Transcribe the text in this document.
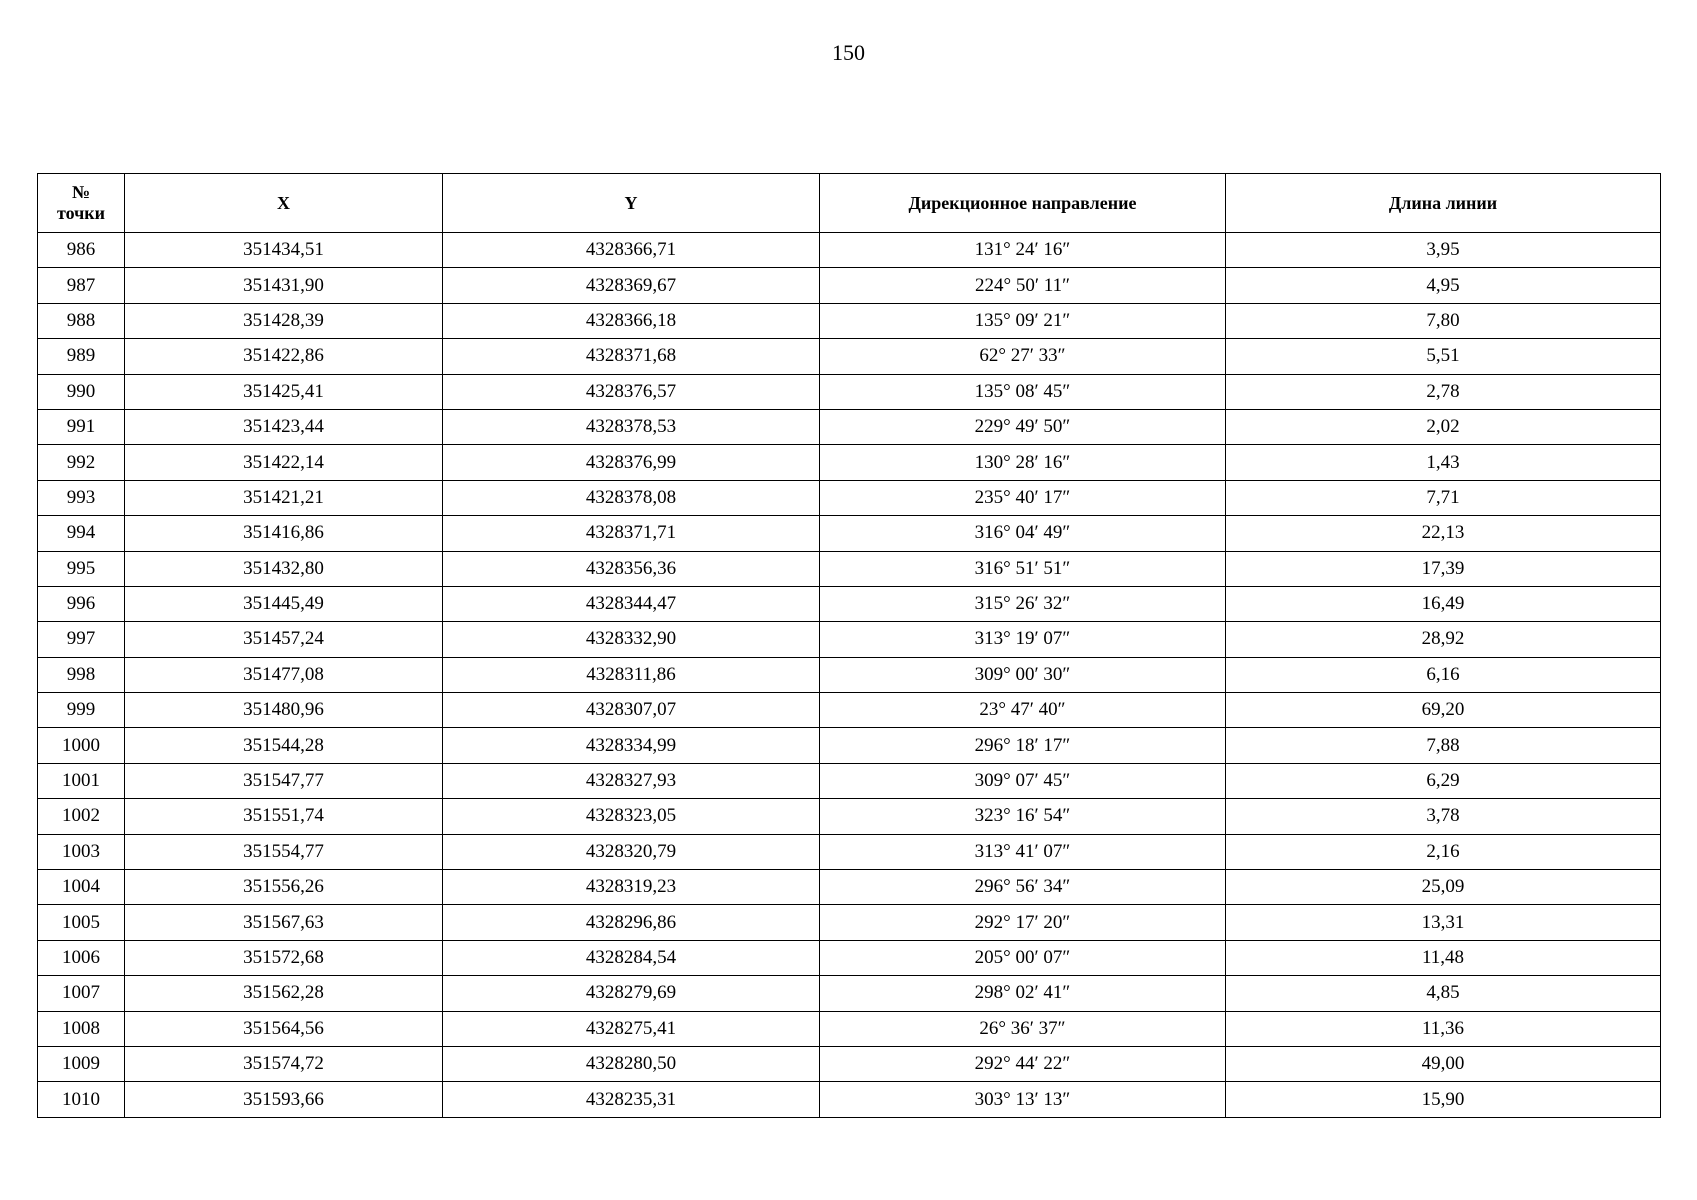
150
№
точки	X	Y	Дирекционное направление	Длина линии
986	351434,51	4328366,71	131° 24′ 16″	3,95
987	351431,90	4328369,67	224° 50′ 11″	4,95
988	351428,39	4328366,18	135° 09′ 21″	7,80
989	351422,86	4328371,68	62° 27′ 33″	5,51
990	351425,41	4328376,57	135° 08′ 45″	2,78
991	351423,44	4328378,53	229° 49′ 50″	2,02
992	351422,14	4328376,99	130° 28′ 16″	1,43
993	351421,21	4328378,08	235° 40′ 17″	7,71
994	351416,86	4328371,71	316° 04′ 49″	22,13
995	351432,80	4328356,36	316° 51′ 51″	17,39
996	351445,49	4328344,47	315° 26′ 32″	16,49
997	351457,24	4328332,90	313° 19′ 07″	28,92
998	351477,08	4328311,86	309° 00′ 30″	6,16
999	351480,96	4328307,07	23° 47′ 40″	69,20
1000	351544,28	4328334,99	296° 18′ 17″	7,88
1001	351547,77	4328327,93	309° 07′ 45″	6,29
1002	351551,74	4328323,05	323° 16′ 54″	3,78
1003	351554,77	4328320,79	313° 41′ 07″	2,16
1004	351556,26	4328319,23	296° 56′ 34″	25,09
1005	351567,63	4328296,86	292° 17′ 20″	13,31
1006	351572,68	4328284,54	205° 00′ 07″	11,48
1007	351562,28	4328279,69	298° 02′ 41″	4,85
1008	351564,56	4328275,41	26° 36′ 37″	11,36
1009	351574,72	4328280,50	292° 44′ 22″	49,00
1010	351593,66	4328235,31	303° 13′ 13″	15,90
